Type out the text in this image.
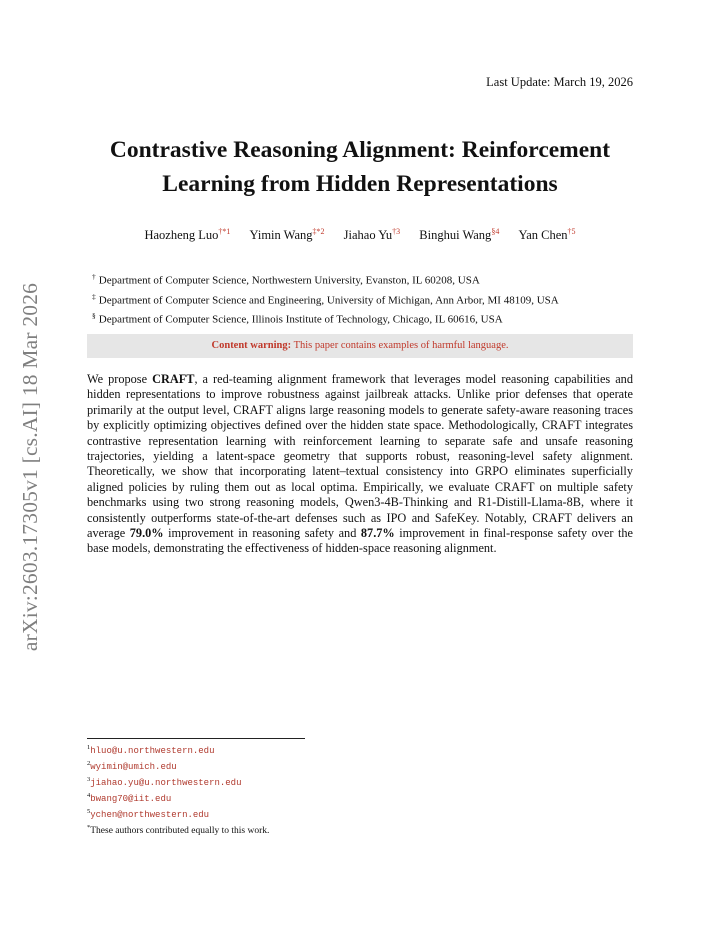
arXiv:2603.17305v1 [cs.AI] 18 Mar 2026
Last Update: March 19, 2026
Contrastive Reasoning Alignment: Reinforcement Learning from Hidden Representations
Haozheng Luo$^{\dagger*1}$ Yimin Wang$^{\ddagger*2}$ Jiahao Yu$^{\dagger 3}$ Binghui Wang$^{\S 4}$ Yan Chen$^{\dagger 5}$
† Department of Computer Science, Northwestern University, Evanston, IL 60208, USA
‡ Department of Computer Science and Engineering, University of Michigan, Ann Arbor, MI 48109, USA
§ Department of Computer Science, Illinois Institute of Technology, Chicago, IL 60616, USA
Content warning: This paper contains examples of harmful language.

We propose CRAFT, a red-teaming alignment framework that leverages model reasoning capabilities and hidden representations to improve robustness against jailbreak attacks. Unlike prior defenses that operate primarily at the output level, CRAFT aligns large reasoning models to generate safety-aware reasoning traces by explicitly optimizing objectives defined over the hidden state space. Methodologically, CRAFT integrates contrastive representation learning with reinforcement learning to separate safe and unsafe reasoning trajectories, yielding a latent-space geometry that supports robust, reasoning-level safety alignment. Theoretically, we show that incorporating latent–textual consistency into GRPO eliminates superficially aligned policies by ruling them out as local optima. Empirically, we evaluate CRAFT on multiple safety benchmarks using two strong reasoning models, Qwen3-4B-Thinking and R1-Distill-Llama-8B, where it consistently outperforms state-of-the-art defenses such as IPO and SafeKey. Notably, CRAFT delivers an average 79.0% improvement in reasoning safety and 87.7% improvement in final-response safety over the base models, demonstrating the effectiveness of hidden-space reasoning alignment.

$^1$hluo@u.northwestern.edu
$^2$wyimin@umich.edu
$^3$jiahao.yu@u.northwestern.edu
$^4$bwang70@iit.edu
$^5$ychen@northwestern.edu
*These authors contributed equally to this work.
